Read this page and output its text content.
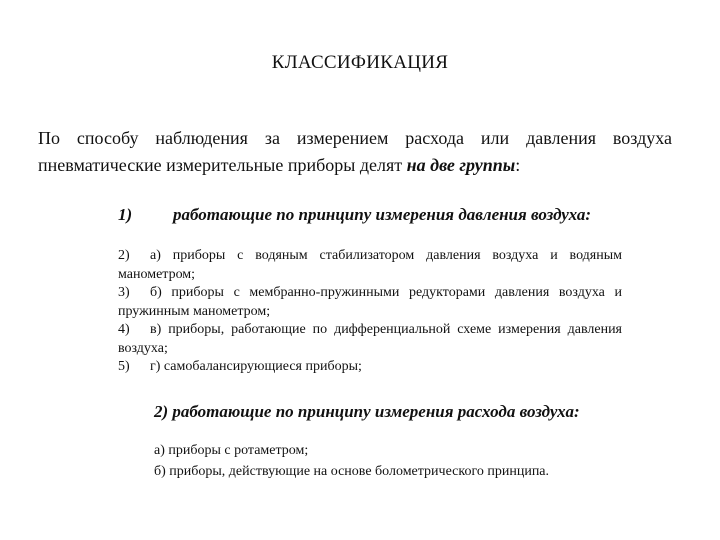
КЛАССИФИКАЦИЯ
По способу наблюдения за измерением расхода или давления воздуха пневматические измерительные приборы делят на две группы:
1) работающие по принципу измерения давления воздуха:
2) а) приборы с водяным стабилизатором давления воздуха и водяным манометром;
3) б) приборы с мембранно-пружинными редукторами давления воздуха и пружинным манометром;
4) в) приборы, работающие по дифференциальной схеме измерения давления воздуха;
5) г) самобалансирующиеся приборы;
2) работающие по принципу измерения расхода воздуха:
а) приборы с ротаметром;
б) приборы, действующие на основе болометрического принципа.
